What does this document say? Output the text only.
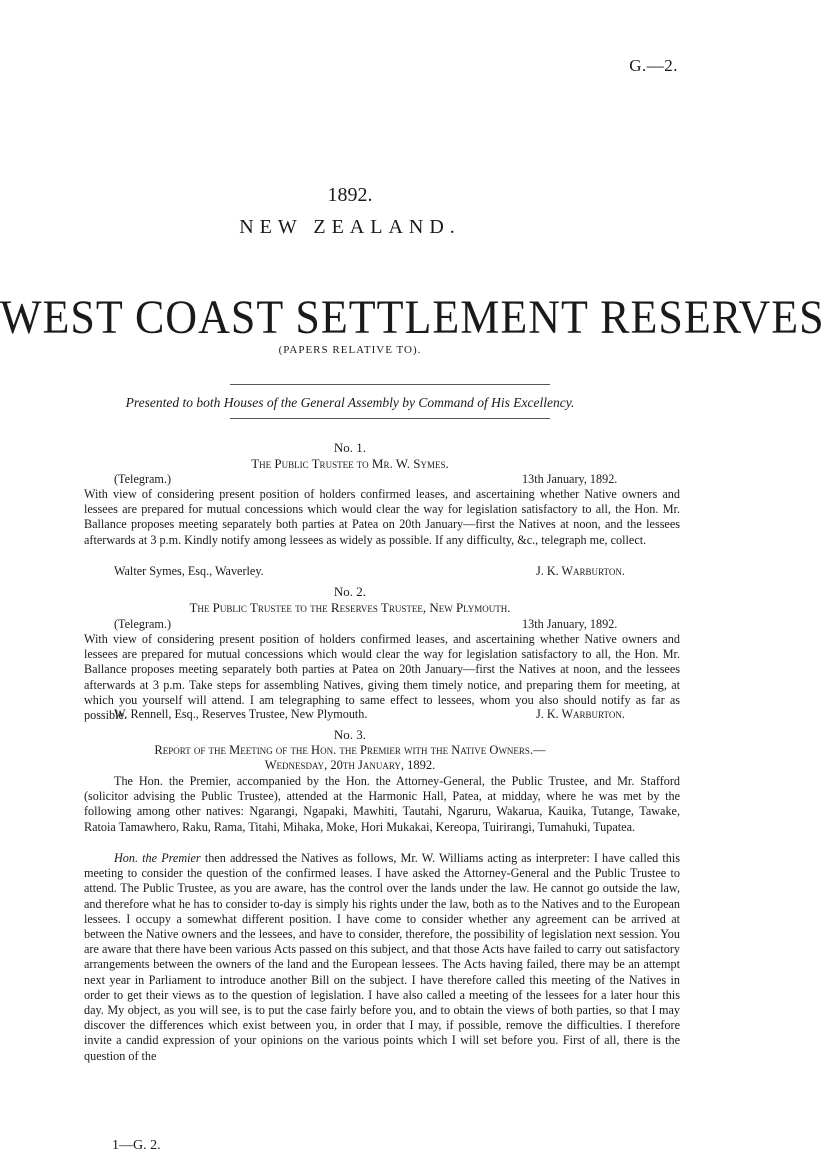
G.—2.
1892.
NEW ZEALAND.
WEST COAST SETTLEMENT RESERVES
(PAPERS RELATIVE TO).
Presented to both Houses of the General Assembly by Command of His Excellency.
No. 1.
The Public Trustee to Mr. W. Symes.
(Telegram.)	13th January, 1892.

With view of considering present position of holders confirmed leases, and ascertaining whether Native owners and lessees are prepared for mutual concessions which would clear the way for legislation satisfactory to all, the Hon. Mr. Ballance proposes meeting separately both parties at Patea on 20th January—first the Natives at noon, and the lessees afterwards at 3 p.m. Kindly notify among lessees as widely as possible. If any difficulty, &c., telegraph me, collect.

Walter Symes, Esq., Waverley.	J. K. Warburton.
No. 2.
The Public Trustee to the Reserves Trustee, New Plymouth.
(Telegram.)	13th January, 1892.

With view of considering present position of holders confirmed leases, and ascertaining whether Native owners and lessees are prepared for mutual concessions which would clear the way for legislation satisfactory to all, the Hon. Mr. Ballance proposes meeting separately both parties at Patea on 20th January—first the Natives at noon, and the lessees afterwards at 3 p.m. Take steps for assembling Natives, giving them timely notice, and preparing them for meeting, at which you yourself will attend. I am telegraphing to same effect to lessees, whom you also should notify as far as possible.

W. Rennell, Esq., Reserves Trustee, New Plymouth.	J. K. Warburton.
No. 3.
Report of the Meeting of the Hon. the Premier with the Native Owners.—
Wednesday, 20th January, 1892.

The Hon. the Premier, accompanied by the Hon. the Attorney-General, the Public Trustee, and Mr. Stafford (solicitor advising the Public Trustee), attended at the Harmonic Hall, Patea, at midday, where he was met by the following among other natives: Ngarangi, Ngapaki, Mawhiti, Tautahi, Ngaruru, Wakarua, Kauika, Tutange, Tawake, Ratoia Tamawhero, Raku, Rama, Titahi, Mihaka, Moke, Hori Mukakai, Kereopa, Tuirirangi, Tumahuki, Tupatea.

Hon. the Premier then addressed the Natives as follows, Mr. W. Williams acting as interpreter: I have called this meeting to consider the question of the confirmed leases. I have asked the Attorney-General and the Public Trustee to attend. The Public Trustee, as you are aware, has the control over the lands under the law. He cannot go outside the law, and therefore what he has to consider to-day is simply his rights under the law, both as to the Natives and to the European lessees. I occupy a somewhat different position. I have come to consider whether any agreement can be arrived at between the Native owners and the lessees, and have to consider, therefore, the possibility of legislation next session. You are aware that there have been various Acts passed on this subject, and that those Acts have failed to carry out satisfactory arrangements between the owners of the land and the European lessees. The Acts having failed, there may be an attempt next year in Parliament to introduce another Bill on the subject. I have therefore called this meeting of the Natives in order to get their views as to the question of legislation. I have also called a meeting of the lessees for a later hour this day. My object, as you will see, is to put the case fairly before you, and to obtain the views of both parties, so that I may discover the differences which exist between you, in order that I may, if possible, remove the difficulties. I therefore invite a candid expression of your opinions on the various points which I will set before you. First of all, there is the question of the

1—G. 2.
